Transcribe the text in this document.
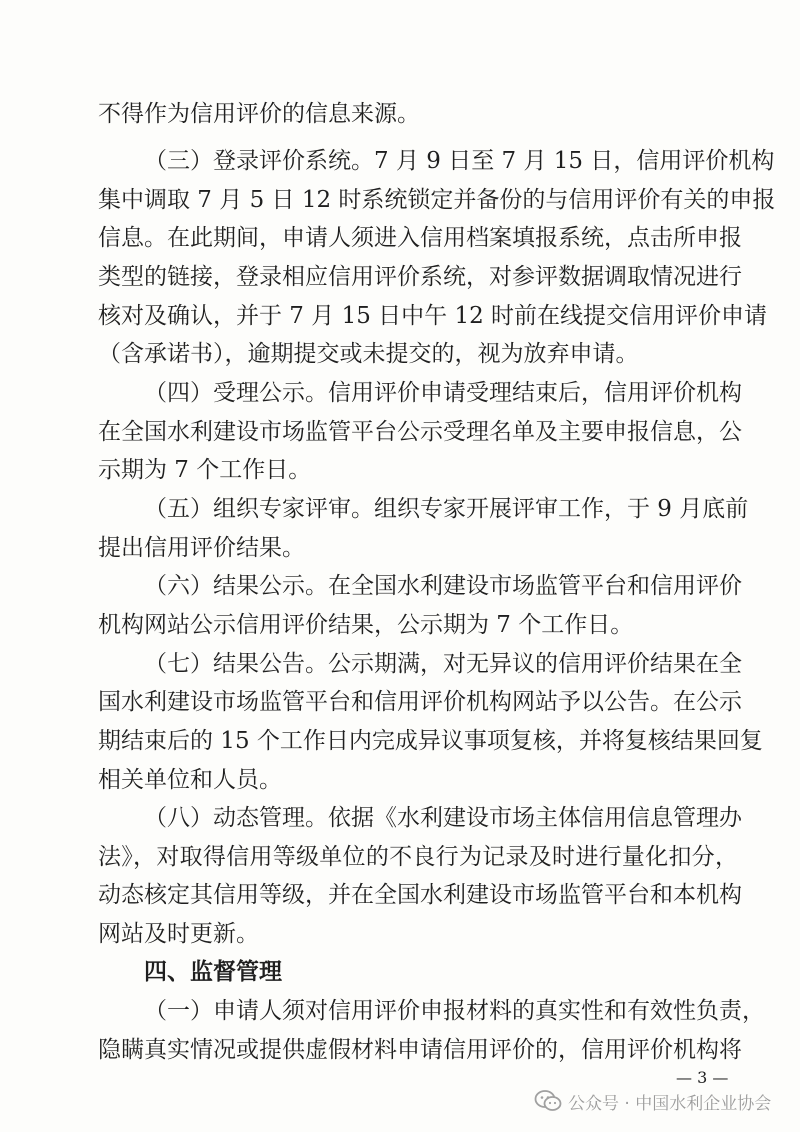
不得作为信用评价的信息来源。
（三）登录评价系统。7 月 9 日至 7 月 15 日，信用评价机构
集中调取 7 月 5 日 12 时系统锁定并备份的与信用评价有关的申报
信息。在此期间，申请人须进入信用档案填报系统，点击所申报
类型的链接，登录相应信用评价系统，对参评数据调取情况进行
核对及确认，并于 7 月 15 日中午 12 时前在线提交信用评价申请
（含承诺书），逾期提交或未提交的，视为放弃申请。
（四）受理公示。信用评价申请受理结束后，信用评价机构
在全国水利建设市场监管平台公示受理名单及主要申报信息，公
示期为 7 个工作日。
（五）组织专家评审。组织专家开展评审工作，于 9 月底前
提出信用评价结果。
（六）结果公示。在全国水利建设市场监管平台和信用评价
机构网站公示信用评价结果，公示期为 7 个工作日。
（七）结果公告。公示期满，对无异议的信用评价结果在全
国水利建设市场监管平台和信用评价机构网站予以公告。在公示
期结束后的 15 个工作日内完成异议事项复核，并将复核结果回复
相关单位和人员。
（八）动态管理。依据《水利建设市场主体信用信息管理办
法》，对取得信用等级单位的不良行为记录及时进行量化扣分，
动态核定其信用等级，并在全国水利建设市场监管平台和本机构
网站及时更新。
四、监督管理
（一）申请人须对信用评价申报材料的真实性和有效性负责，
隐瞒真实情况或提供虚假材料申请信用评价的，信用评价机构将
— 3 —
公众号 · 中国水利企业协会
